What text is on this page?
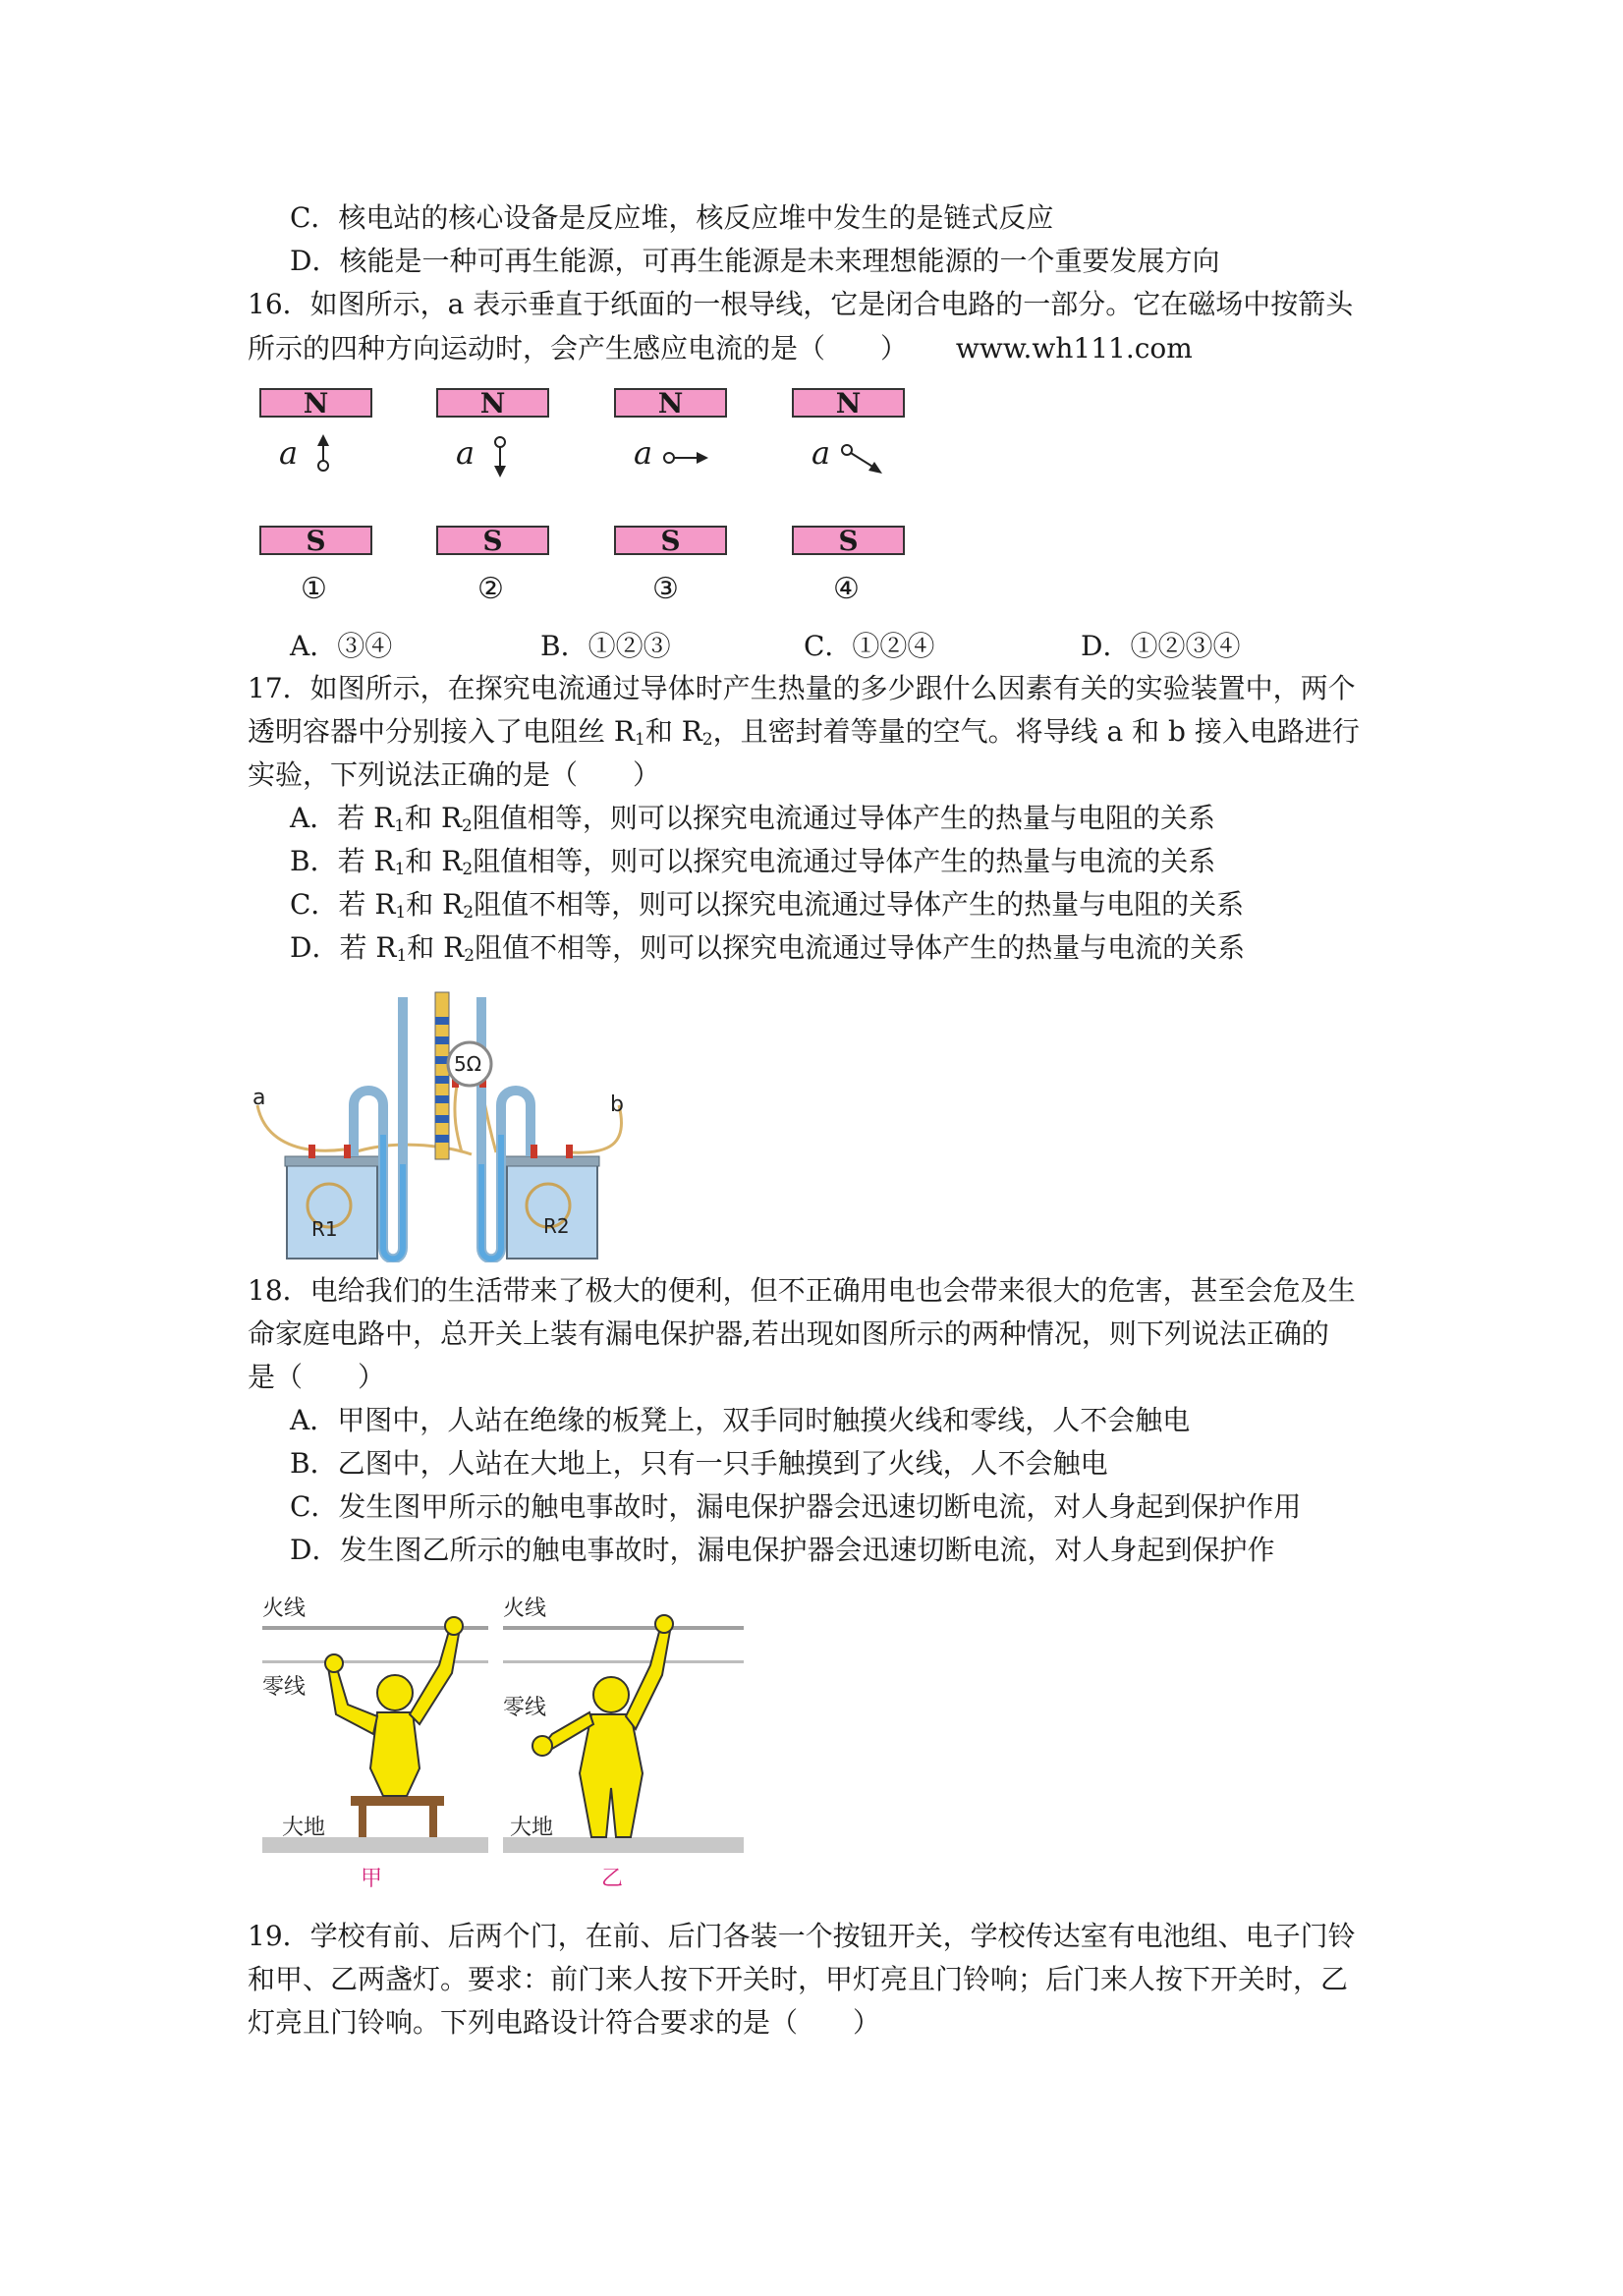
C．核电站的核心设备是反应堆，核反应堆中发生的是链式反应
D．核能是一种可再生能源，可再生能源是未来理想能源的一个重要发展方向
16．如图所示，a 表示垂直于纸面的一根导线，它是闭合电路的一部分。它在磁场中按箭头
所示的四种方向运动时，会产生感应电流的是（　　） www.wh111.com
N
S
a
①
N
S
a
②
N
S
a
③
N
S
a
④
A．③④	B．①②③	C．①②④	D．①②③④
17．如图所示，在探究电流通过导体时产生热量的多少跟什么因素有关的实验装置中，两个
透明容器中分别接入了电阻丝 $R_1$和 $R_2$，且密封着等量的空气。将导线 a 和 b 接入电路进行
实验，下列说法正确的是（　　）
A．若 $R_1$和 $R_2$阻值相等，则可以探究电流通过导体产生的热量与电阻的关系
B．若 $R_1$和 $R_2$阻值相等，则可以探究电流通过导体产生的热量与电流的关系
C．若 $R_1$和 $R_2$阻值不相等，则可以探究电流通过导体产生的热量与电阻的关系
D．若 $R_1$和 $R_2$阻值不相等，则可以探究电流通过导体产生的热量与电流的关系
a	b
5Ω
R1	R2
18．电给我们的生活带来了极大的便利，但不正确用电也会带来很大的危害，甚至会危及生
命家庭电路中，总开关上装有漏电保护器,若出现如图所示的两种情况，则下列说法正确的
是（　　）
A．甲图中，人站在绝缘的板凳上，双手同时触摸火线和零线，人不会触电
B．乙图中，人站在大地上，只有一只手触摸到了火线，人不会触电
C．发生图甲所示的触电事故时，漏电保护器会迅速切断电流，对人身起到保护作用
D．发生图乙所示的触电事故时，漏电保护器会迅速切断电流，对人身起到保护作
火线
零线
大地
火线
零线
大地
甲	乙
19．学校有前、后两个门，在前、后门各装一个按钮开关，学校传达室有电池组、电子门铃
和甲、乙两盏灯。要求：前门来人按下开关时，甲灯亮且门铃响；后门来人按下开关时，乙
灯亮且门铃响。下列电路设计符合要求的是（　　）
